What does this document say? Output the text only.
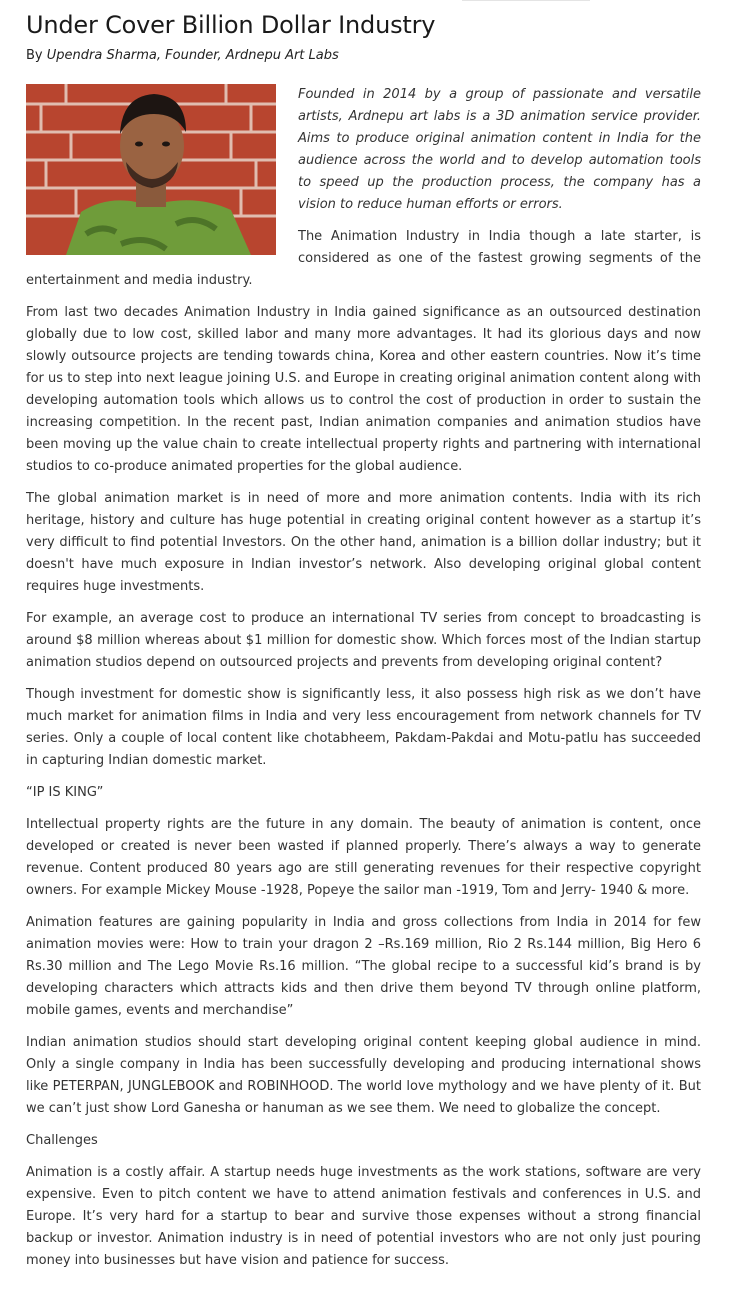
Under Cover Billion Dollar Industry
By Upendra Sharma, Founder, Ardnepu Art Labs

Founded in 2014 by a group of passionate and versatile artists, Ardnepu art labs is a 3D animation service provider. Aims to produce original animation content in India for the audience across the world and to develop automation tools to speed up the production process, the company has a vision to reduce human efforts or errors.

The Animation Industry in India though a late starter, is considered as one of the fastest growing segments of the entertainment and media industry.

From last two decades Animation Industry in India gained significance as an outsourced destination globally due to low cost, skilled labor and many more advantages. It had its glorious days and now slowly outsource projects are tending towards china, Korea and other eastern countries. Now it’s time for us to step into next league joining U.S. and Europe in creating original animation content along with developing automation tools which allows us to control the cost of production in order to sustain the increasing competition. In the recent past, Indian animation companies and animation studios have been moving up the value chain to create intellectual property rights and partnering with international studios to co-produce animated properties for the global audience.

The global animation market is in need of more and more animation contents. India with its rich heritage, history and culture has huge potential in creating original content however as a startup it’s very difficult to find potential Investors. On the other hand, animation is a billion dollar industry; but it doesn't have much exposure in Indian investor’s network. Also developing original global content requires huge investments.

For example, an average cost to produce an international TV series from concept to broadcasting is around $8 million whereas about $1 million for domestic show. Which forces most of the Indian startup animation studios depend on outsourced projects and prevents from developing original content?

Though investment for domestic show is significantly less, it also possess high risk as we don’t have much market for animation films in India and very less encouragement from network channels for TV series. Only a couple of local content like chotabheem, Pakdam-Pakdai and Motu-patlu has succeeded in capturing Indian domestic market.

“IP IS KING”

Intellectual property rights are the future in any domain. The beauty of animation is content, once developed or created is never been wasted if planned properly. There’s always a way to generate revenue. Content produced 80 years ago are still generating revenues for their respective copyright owners. For example Mickey Mouse -1928, Popeye the sailor man -1919, Tom and Jerry- 1940 & more.

Animation features are gaining popularity in India and gross collections from India in 2014 for few animation movies were: How to train your dragon 2 –Rs.169 million, Rio 2 Rs.144 million, Big Hero 6 Rs.30 million and The Lego Movie Rs.16 million. “The global recipe to a successful kid’s brand is by developing characters which attracts kids and then drive them beyond TV through online platform, mobile games, events and merchandise”

Indian animation studios should start developing original content keeping global audience in mind. Only a single company in India has been successfully developing and producing international shows like PETERPAN, JUNGLEBOOK and ROBINHOOD. The world love mythology and we have plenty of it. But we can’t just show Lord Ganesha or hanuman as we see them. We need to globalize the concept.

Challenges

Animation is a costly affair. A startup needs huge investments as the work stations, software are very expensive. Even to pitch content we have to attend animation festivals and conferences in U.S. and Europe. It’s very hard for a startup to bear and survive those expenses without a strong financial backup or investor. Animation industry is in need of potential investors who are not only just pouring money into businesses but have vision and patience for success.
